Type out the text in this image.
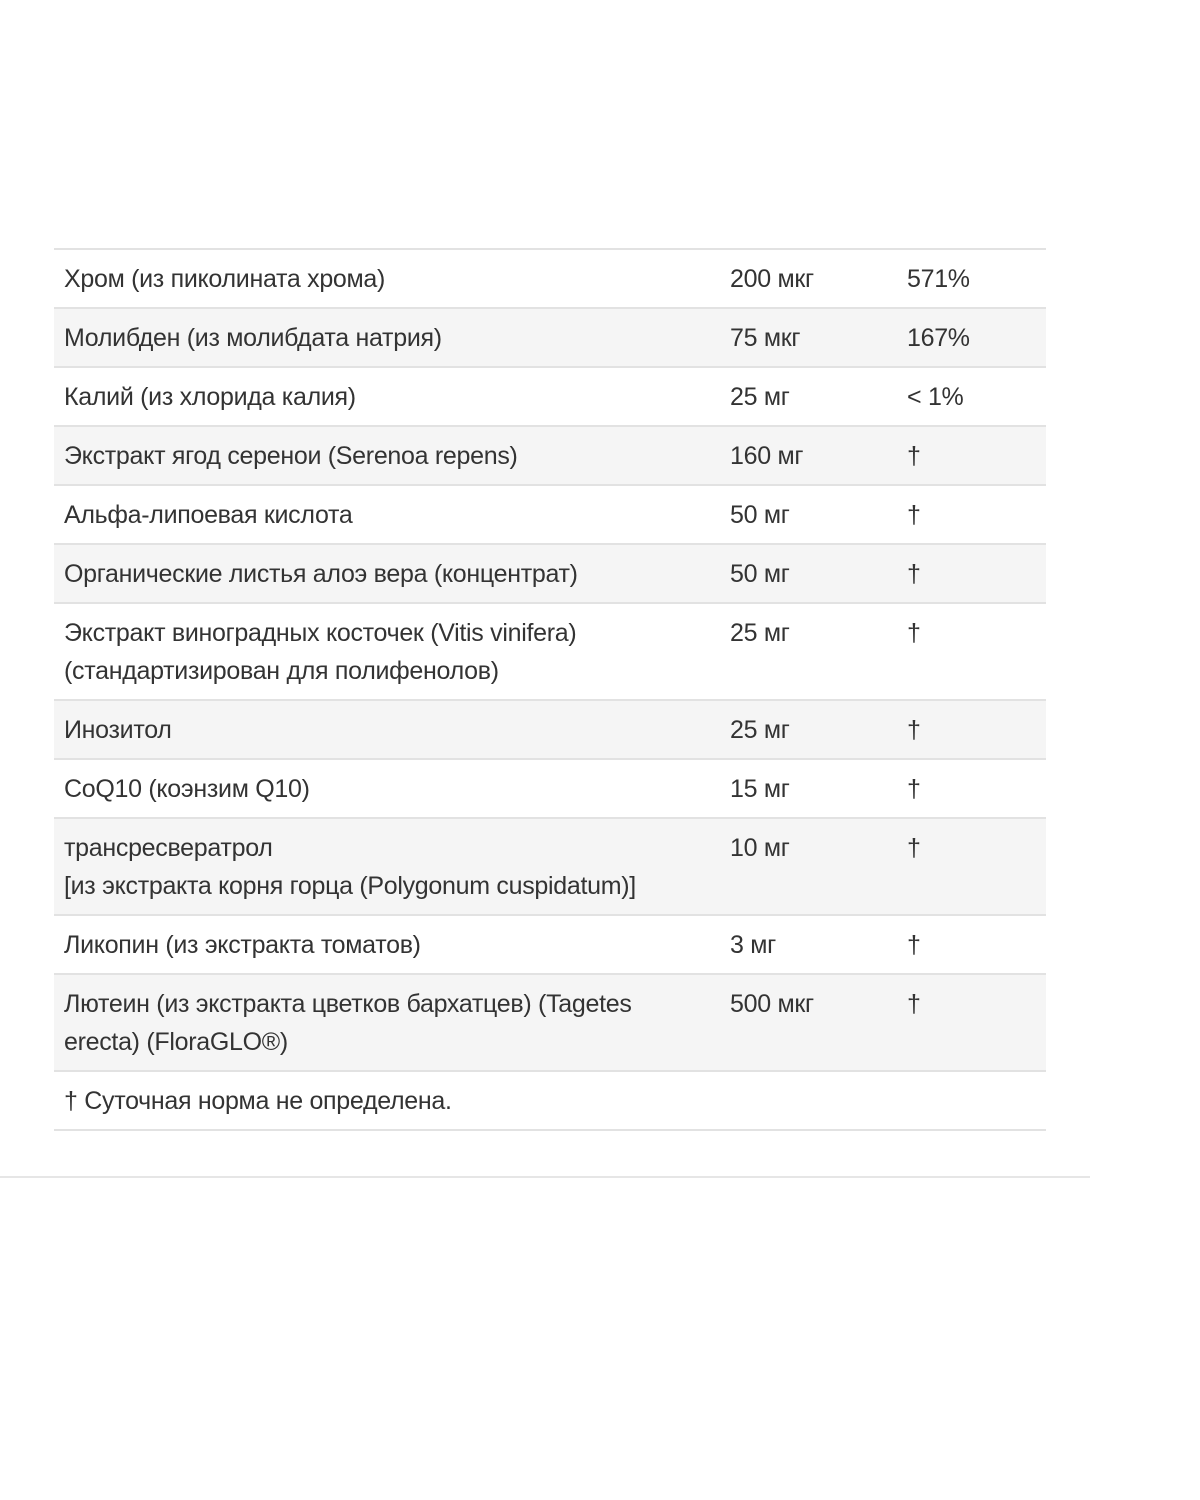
Хром (из пиколината хрома)	200 мкг	571%
Молибден (из молибдата натрия)	75 мкг	167%
Калий (из хлорида калия)	25 мг	< 1%
Экстракт ягод серенои (Serenoa repens)	160 мг	†
Альфа-липоевая кислота	50 мг	†
Органические листья алоэ вера (концентрат)	50 мг	†
Экстракт виноградных косточек (Vitis vinifera)
(стандартизирован для полифенолов)	25 мг	†
Инозитол	25 мг	†
CoQ10 (коэнзим Q10)	15 мг	†
трансресвератрол
[из экстракта корня горца (Polygonum cuspidatum)]	10 мг	†
Ликопин (из экстракта томатов)	3 мг	†
Лютеин (из экстракта цветков бархатцев) (Tagetes
erecta) (FloraGLO®)	500 мкг	†
† Суточная норма не определена.		
